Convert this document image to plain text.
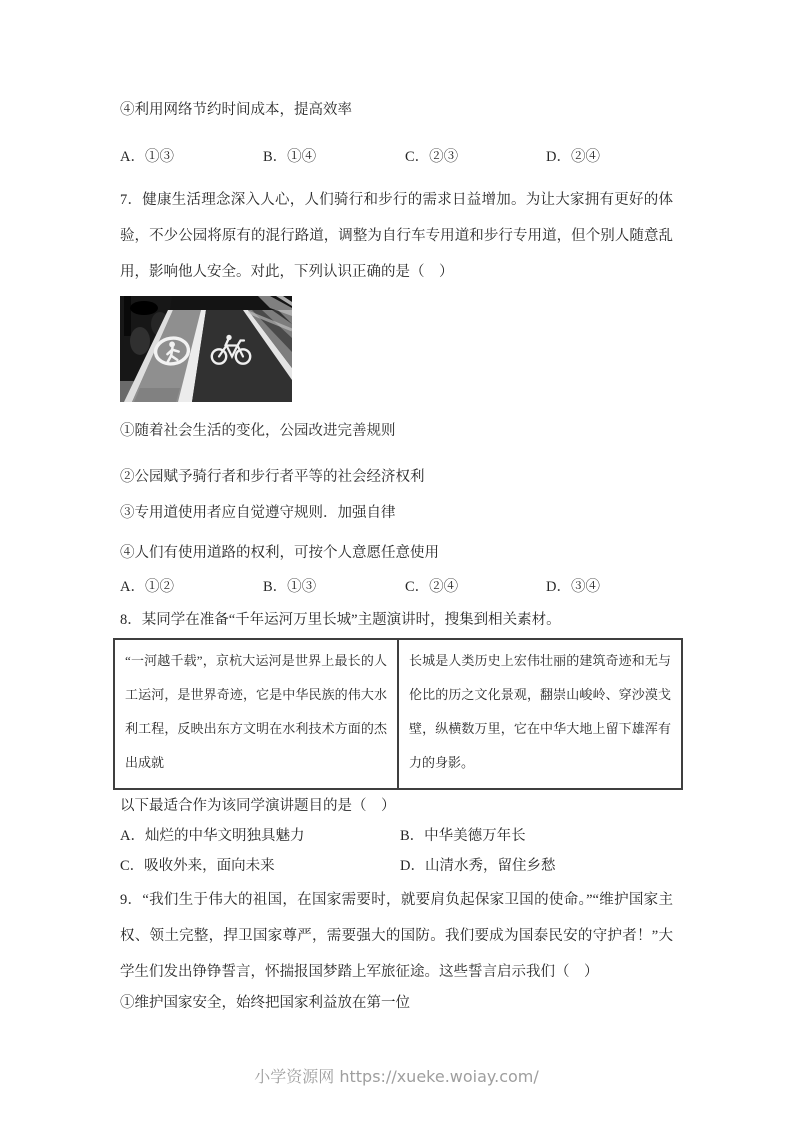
④利用网络节约时间成本，提高效率

A．①③	B．①④	C．②③	D．②④

7．健康生活理念深入人心，人们骑行和步行的需求日益增加。为让大家拥有更好的体验，不少公园将原有的混行路道，调整为自行车专用道和步行专用道，但个别人随意乱用，影响他人安全。对此，下列认识正确的是（　）

①随着社会生活的变化，公园改进完善规则

②公园赋予骑行者和步行者平等的社会经济权利

③专用道使用者应自觉遵守规则．加强自律

④人们有使用道路的权利，可按个人意愿任意使用

A．①②	B．①③	C．②④	D．③④

8．某同学在准备“千年运河万里长城”主题演讲时，搜集到相关素材。

“一河越千载”，京杭大运河是世界上最长的人工运河，是世界奇迹，它是中华民族的伟大水利工程，反映出东方文明在水利技术方面的杰出成就	长城是人类历史上宏伟壮丽的建筑奇迹和无与伦比的历之文化景观，翻崇山峻岭、穿沙漠戈壁，纵横数万里，它在中华大地上留下雄浑有力的身影。

以下最适合作为该同学演讲题目的是（　）

A．灿烂的中华文明独具魅力	B．中华美德万年长
C．吸收外来，面向未来	D．山清水秀，留住乡愁

9．“我们生于伟大的祖国，在国家需要时，就要肩负起保家卫国的使命。”“维护国家主权、领土完整，捍卫国家尊严，需要强大的国防。我们要成为国泰民安的守护者！”大学生们发出铮铮誓言，怀揣报国梦踏上军旅征途。这些誓言启示我们（　）

①维护国家安全，始终把国家利益放在第一位

小学资源网 https://xueke.woiay.com/
